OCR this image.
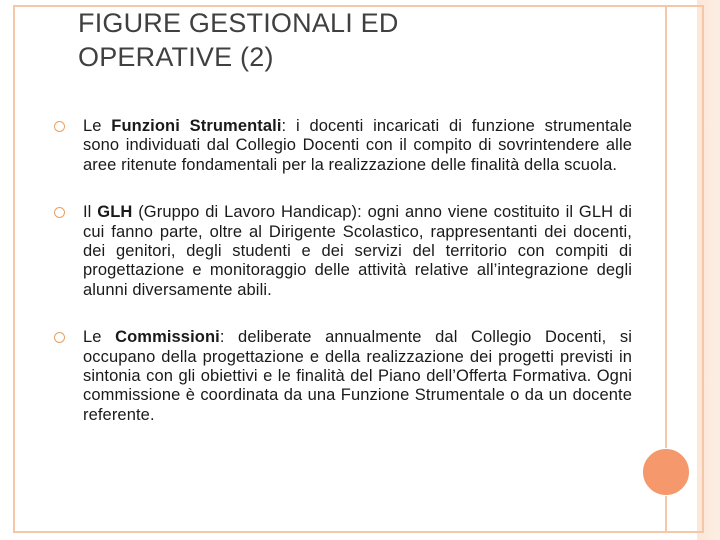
FIGURE GESTIONALI ED
OPERATIVE (2)
Le Funzioni Strumentali: i docenti incaricati di funzione strumentale sono individuati dal Collegio Docenti con il compito di sovrintendere alle aree ritenute fondamentali per la realizzazione delle finalità della scuola.
Il GLH (Gruppo di Lavoro Handicap): ogni anno viene costituito il GLH di cui fanno parte, oltre al Dirigente Scolastico, rappresentanti dei docenti, dei genitori, degli studenti e dei servizi del territorio con compiti di progettazione e monitoraggio delle attività relative all’integrazione degli alunni diversamente abili.
Le Commissioni: deliberate annualmente dal Collegio Docenti, si occupano della progettazione e della realizzazione dei progetti previsti in sintonia con gli obiettivi e le finalità del Piano dell’Offerta Formativa. Ogni commissione è coordinata da una Funzione Strumentale o da un docente referente.
